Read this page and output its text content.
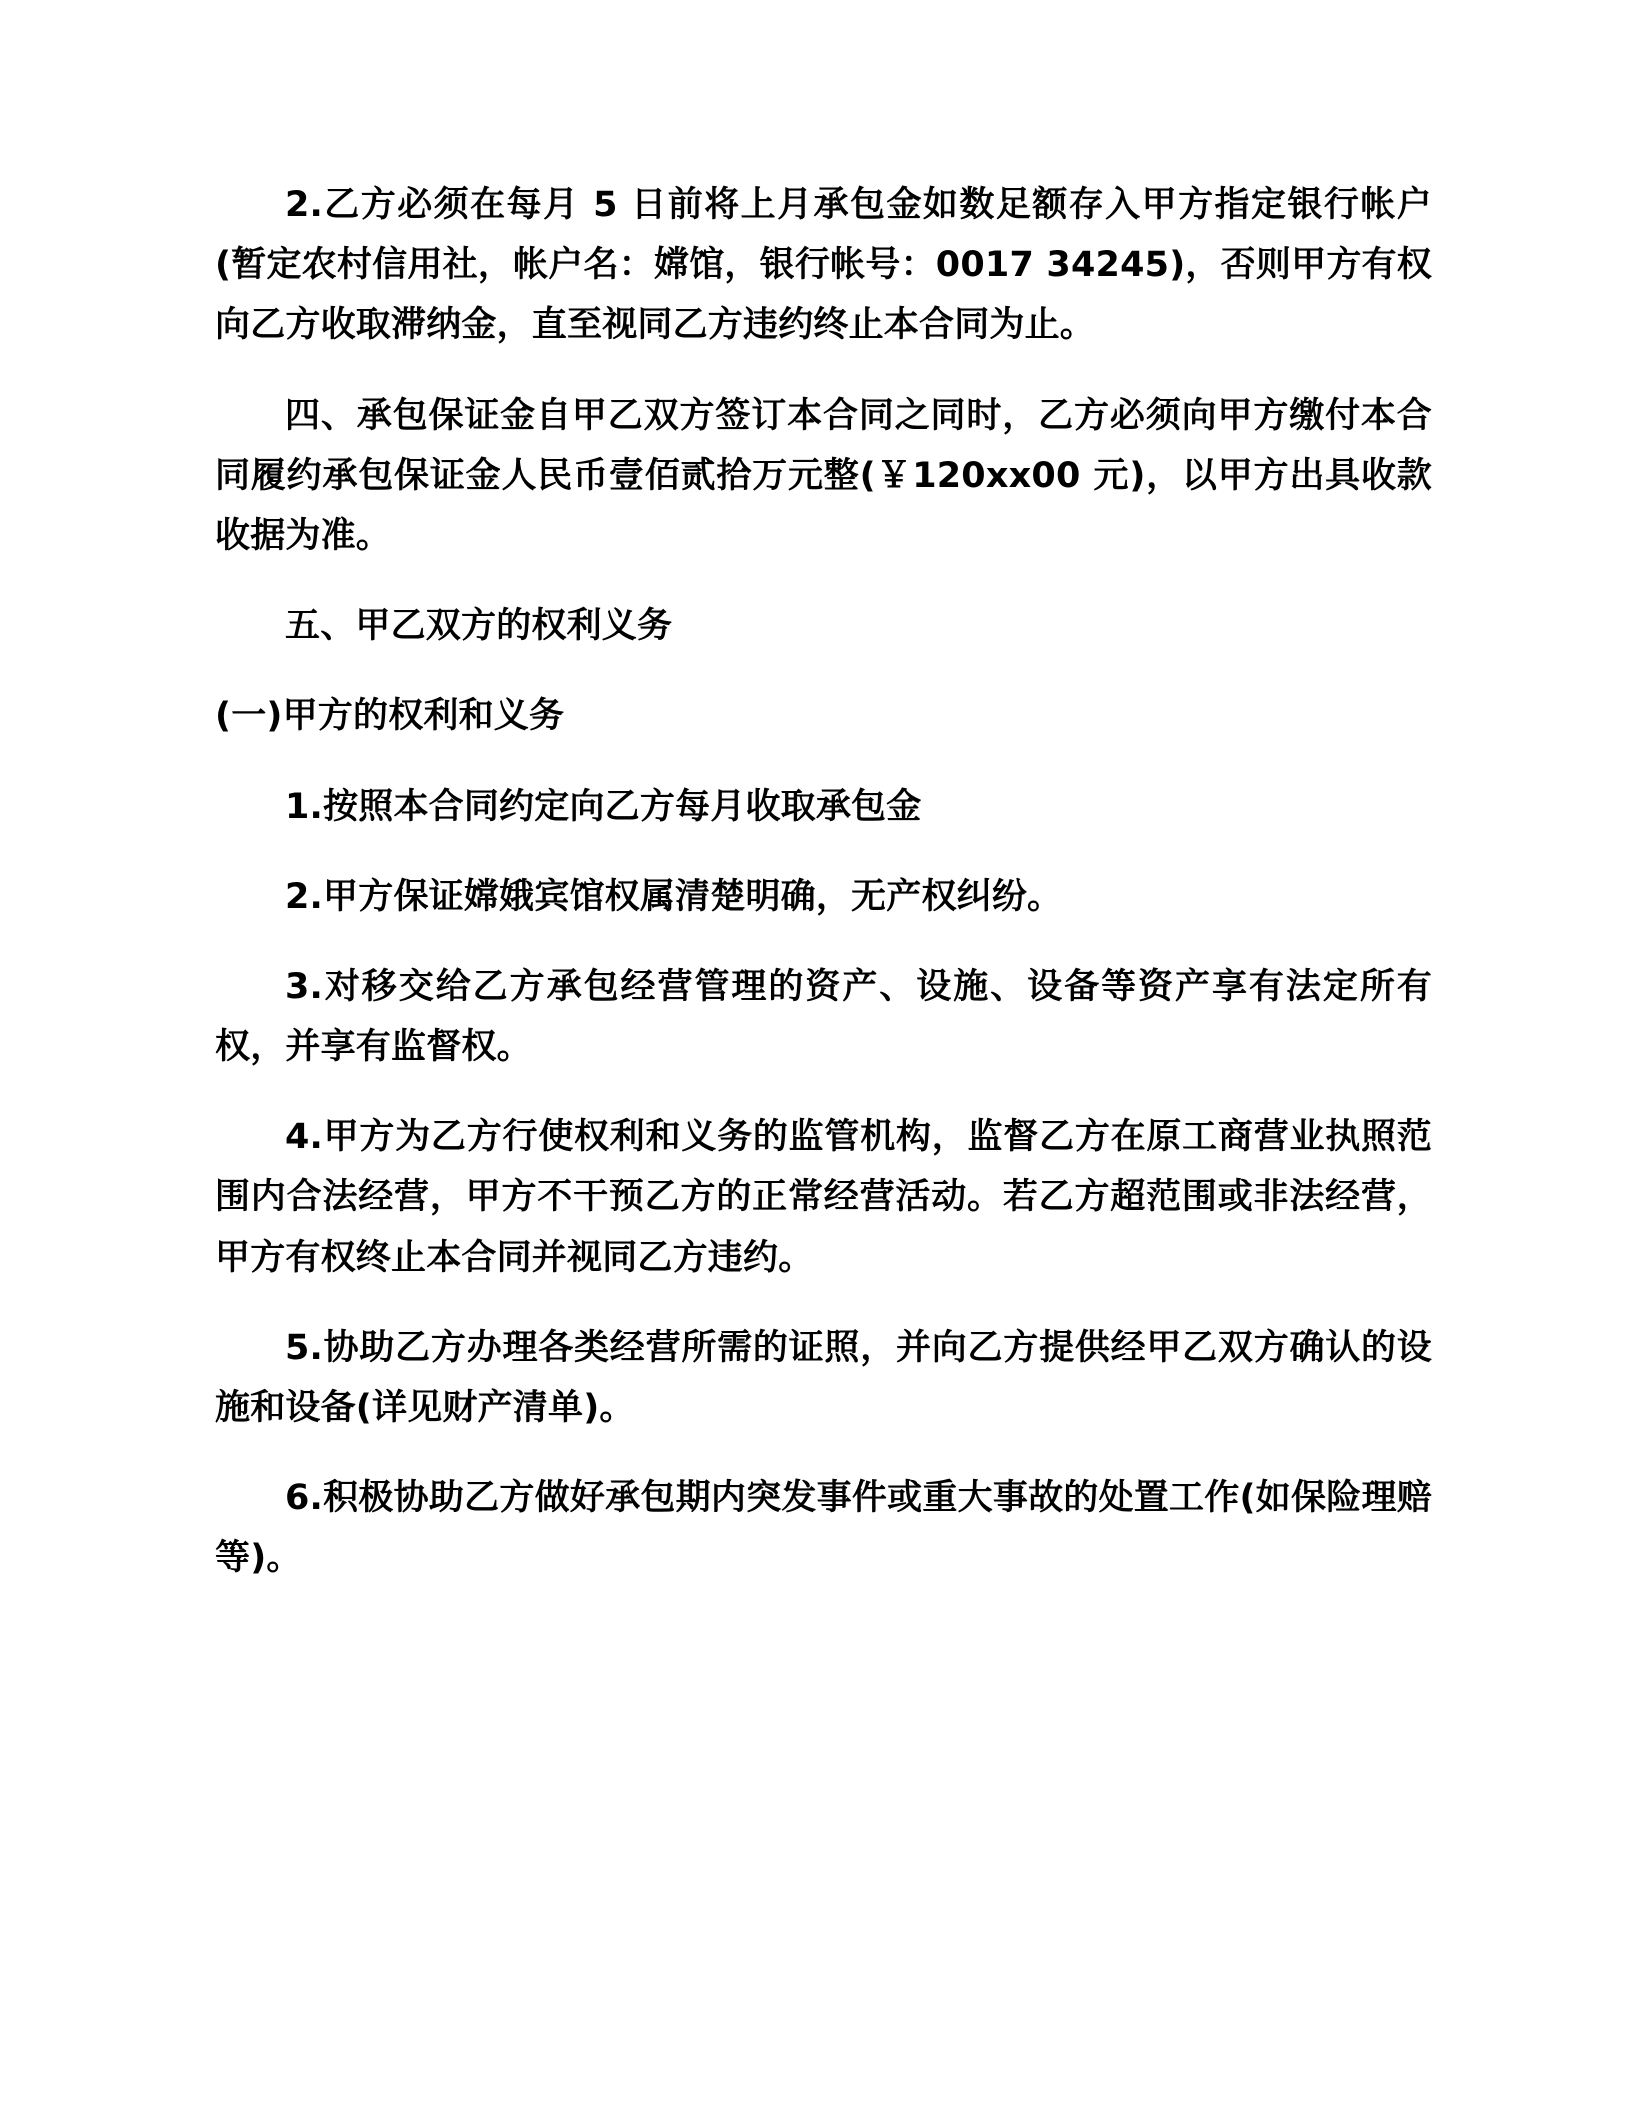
2.乙方必须在每月 5 日前将上月承包金如数足额存入甲方指定银行帐户(暂定农村信用社，帐户名：嫦馆，银行帐号：0017 34245)，否则甲方有权向乙方收取滞纳金，直至视同乙方违约终止本合同为止。

四、承包保证金自甲乙双方签订本合同之同时，乙方必须向甲方缴付本合同履约承包保证金人民币壹佰贰拾万元整(￥120xx00 元)，以甲方出具收款收据为准。

五、甲乙双方的权利义务

(一)甲方的权利和义务

1.按照本合同约定向乙方每月收取承包金

2.甲方保证嫦娥宾馆权属清楚明确，无产权纠纷。

3.对移交给乙方承包经营管理的资产、设施、设备等资产享有法定所有权，并享有监督权。

4.甲方为乙方行使权利和义务的监管机构，监督乙方在原工商营业执照范围内合法经营，甲方不干预乙方的正常经营活动。若乙方超范围或非法经营，甲方有权终止本合同并视同乙方违约。

5.协助乙方办理各类经营所需的证照，并向乙方提供经甲乙双方确认的设施和设备(详见财产清单)。

6.积极协助乙方做好承包期内突发事件或重大事故的处置工作(如保险理赔等)。
